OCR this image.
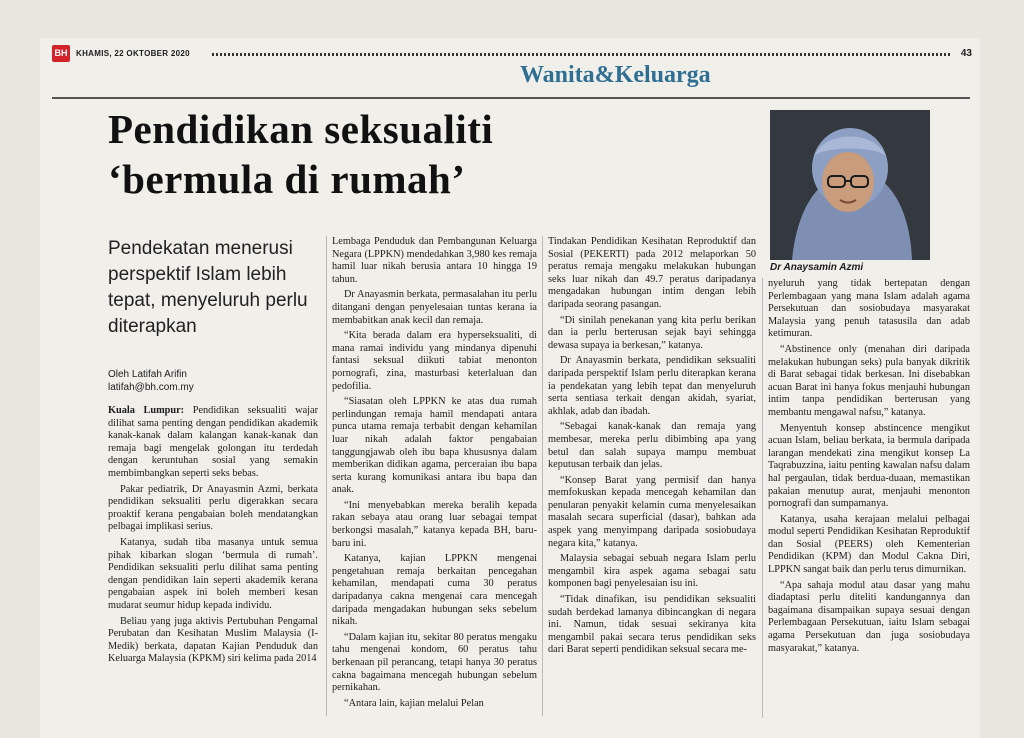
BH	KHAMIS, 22 OKTOBER 2020	43
Wanita&Keluarga
Pendidikan seksualiti
‘bermula di rumah’
Dr Anaysamin Azmi
Pendekatan menerusi perspektif Islam lebih tepat, menyeluruh perlu diterapkan
Oleh Latifah Arifin
latifah@bh.com.my

Kuala Lumpur: Pendidikan seksualiti wajar dilihat sama penting dengan pendidikan akademik kanak-kanak dalam kalangan kanak-kanak dan remaja bagi mengelak golongan itu terdedah dengan keruntuhan sosial yang semakin membimbangkan seperti seks bebas.

Pakar pediatrik, Dr Anayasmin Azmi, berkata pendidikan seksualiti perlu digerakkan secara proaktif kerana pengabaian boleh mendatangkan pelbagai implikasi serius.

Katanya, sudah tiba masanya untuk semua pihak kibarkan slogan ‘bermula di rumah’. Pendidikan seksualiti perlu dilihat sama penting dengan pendidikan lain seperti akademik kerana pengabaian aspek ini boleh memberi kesan mudarat seumur hidup kepada individu.

Beliau yang juga aktivis Pertubuhan Pengamal Perubatan dan Kesihatan Muslim Malaysia (I-Medik) berkata, dapatan Kajian Penduduk dan Keluarga Malaysia (KPKM) siri kelima pada 2014

Lembaga Penduduk dan Pembangunan Keluarga Negara (LPPKN) mendedahkan 3,980 kes remaja hamil luar nikah berusia antara 10 hingga 19 tahun.

Dr Anayasmin berkata, permasalahan itu perlu ditangani dengan penyelesaian tuntas kerana ia membabitkan anak kecil dan remaja.

“Kita berada dalam era hyperseksualiti, di mana ramai individu yang mindanya dipenuhi fantasi seksual diikuti tabiat menonton pornografi, zina, masturbasi keterlaluan dan pedofilia.

“Siasatan oleh LPPKN ke atas dua rumah perlindungan remaja hamil mendapati antara punca utama remaja terbabit dengan kehamilan luar nikah adalah faktor pengabaian tanggungjawab oleh ibu bapa khususnya dalam memberikan didikan agama, perceraian ibu bapa serta kurang komunikasi antara ibu bapa dan anak.

“Ini menyebabkan mereka beralih kepada rakan sebaya atau orang luar sebagai tempat berkongsi masalah,” katanya kepada BH, baru-baru ini.

Katanya, kajian LPPKN mengenai pengetahuan remaja berkaitan pencegahan kehamilan, mendapati cuma 30 peratus daripadanya cakna mengenai cara mencegah daripada mengadakan hubungan seks sebelum nikah.

“Dalam kajian itu, sekitar 80 peratus mengaku tahu mengenai kondom, 60 peratus tahu berkenaan pil perancang, tetapi hanya 30 peratus cakna bagaimana mencegah hubungan sebelum pernikahan.

“Antara lain, kajian melalui Pelan

Tindakan Pendidikan Kesihatan Reproduktif dan Sosial (PEKERTI) pada 2012 melaporkan 50 peratus remaja mengaku melakukan hubungan seks luar nikah dan 49.7 peratus daripadanya mengadakan hubungan intim dengan lebih daripada seorang pasangan.

“Di sinilah penekanan yang kita perlu berikan dan ia perlu berterusan sejak bayi sehingga dewasa supaya ia berkesan,” katanya.

Dr Anayasmin berkata, pendidikan seksualiti daripada perspektif Islam perlu diterapkan kerana ia pendekatan yang lebih tepat dan menyeluruh serta sentiasa terkait dengan akidah, syariat, akhlak, adab dan ibadah.

“Sebagai kanak-kanak dan remaja yang membesar, mereka perlu dibimbing apa yang betul dan salah supaya mampu membuat keputusan terbaik dan jelas.

“Konsep Barat yang permisif dan hanya memfokuskan kepada mencegah kehamilan dan penularan penyakit kelamin cuma menyelesaikan masalah secara superficial (dasar), bahkan ada aspek yang menyimpang daripada sosiobudaya negara kita,” katanya.

Malaysia sebagai sebuah negara Islam perlu mengambil kira aspek agama sebagai satu komponen bagi penyelesaian isu ini.

“Tidak dinafikan, isu pendidikan seksualiti sudah berdekad lamanya dibincangkan di negara ini. Namun, tidak sesuai sekiranya kita mengambil pakai secara terus pendidikan seks dari Barat seperti pendidikan seksual secara me-

nyeluruh yang tidak bertepatan dengan Perlembagaan yang mana Islam adalah agama Persekutuan dan sosiobudaya masyarakat Malaysia yang penuh tatasusila dan adab ketimuran.

“Abstinence only (menahan diri daripada melakukan hubungan seks) pula banyak dikritik di Barat sebagai tidak berkesan. Ini disebabkan acuan Barat ini hanya fokus menjauhi hubungan intim tanpa pendidikan berterusan yang membantu mengawal nafsu,” katanya.

Menyentuh konsep abstincence mengikut acuan Islam, beliau berkata, ia bermula daripada larangan mendekati zina mengikut konsep La Taqrabuzzina, iaitu penting kawalan nafsu dalam hal pergaulan, tidak berdua-duaan, memastikan pakaian menutup aurat, menjauhi menonton pornografi dan sumpamanya.

Katanya, usaha kerajaan melalui pelbagai modul seperti Pendidikan Kesihatan Reproduktif dan Sosial (PEERS) oleh Kementerian Pendidikan (KPM) dan Modul Cakna Diri, LPPKN sangat baik dan perlu terus dimurnikan.

“Apa sahaja modul atau dasar yang mahu diadaptasi perlu diteliti kandungannya dan bagaimana disampaikan supaya sesuai dengan Perlembagaan Persekutuan, iaitu Islam sebagai agama Persekutuan dan juga sosiobudaya masyarakat,” katanya.
